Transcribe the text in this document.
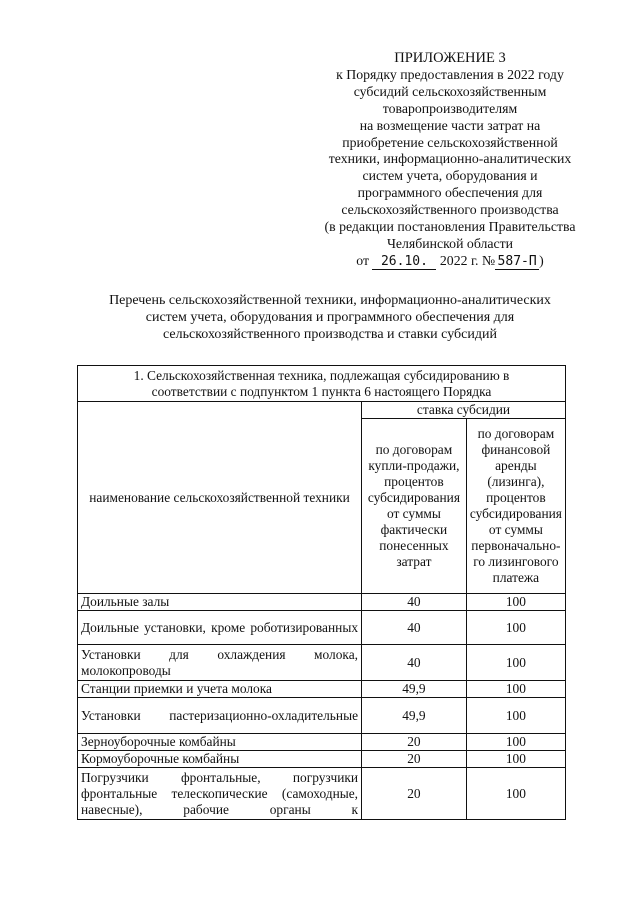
ПРИЛОЖЕНИЕ 3
к Порядку предоставления в 2022 году
субсидий сельскохозяйственным
товаропроизводителям
на возмещение части затрат на
приобретение сельскохозяйственной
техники, информационно-аналитических
систем учета, оборудования и
программного обеспечения для
сельскохозяйственного производства
(в редакции постановления Правительства
Челябинской области
от 26.10. 2022 г. № 587-П )
Перечень сельскохозяйственной техники, информационно-аналитических
систем учета, оборудования и программного обеспечения для
сельскохозяйственного производства и ставки субсидий
1. Сельскохозяйственная техника, подлежащая субсидированию в
соответствии с подпунктом 1 пункта 6 настоящего Порядка		

наименование сельскохозяйственной техники	ставка субсидии	
	по договорам купли-продажи, процентов субсидирования от суммы фактически понесенных затрат	по договорам финансовой аренды (лизинга), процентов субсидирования от суммы первоначально-го лизингового платежа
Доильные залы	40	100
Доильные установки, кроме роботизированных	40	100
Установки для охлаждения молока, молокопроводы	40	100
Станции приемки и учета молока	49,9	100
Установки пастеризационно-охладительные	49,9	100
Зерноуборочные комбайны	20	100
Кормоуборочные комбайны	20	100
Погрузчики фронтальные, погрузчики фронтальные телескопические (самоходные, навесные), рабочие органы к	20	100
